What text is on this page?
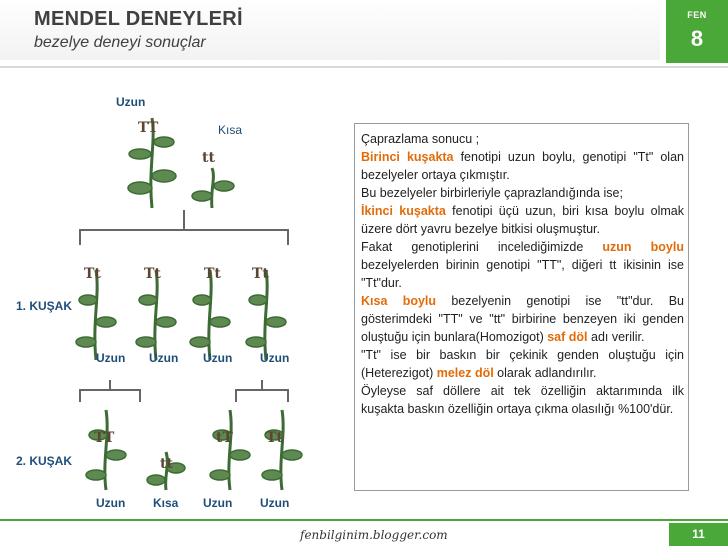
MENDEL DENEYLERİ
bezelye deneyi sonuçlar
FEN
8
1. KUŞAK
2. KUŞAK
Uzun
TT	Kısa
tt
Tt	Tt	Tt Tt
Uzun Uzun Uzun Uzun
TT
tt
tT Tt
Uzun Kısa Uzun Uzun

Çaprazlama sonucu ;

Birinci kuşakta fenotipi uzun boylu, genotipi "Tt" olan bezelyeler ortaya çıkmıştır.

Bu bezelyeler birbirleriyle çaprazlandığında ise;

İkinci kuşakta fenotipi üçü uzun, biri kısa boylu olmak üzere dört yavru bezelye bitkisi oluşmuştur.

Fakat genotiplerini incelediğimizde uzun boylu bezelyelerden birinin genotipi "TT", diğeri tt ikisinin ise "Tt"dur.

Kısa boylu bezelyenin genotipi ise "tt"dur. Bu gösterimdeki "TT" ve "tt" birbirine benzeyen iki genden oluştuğu için bunlara(Homozigot) saf döl adı verilir.

"Tt" ise bir baskın bir çekinik genden oluştuğu için (Heterezigot) melez döl olarak adlandırılır.

Öyleyse saf döllere ait tek özelliğin aktarımında ilk kuşakta baskın özelliğin ortaya çıkma olasılığı %100'dür.

fenbilginim.blogger.com	11
